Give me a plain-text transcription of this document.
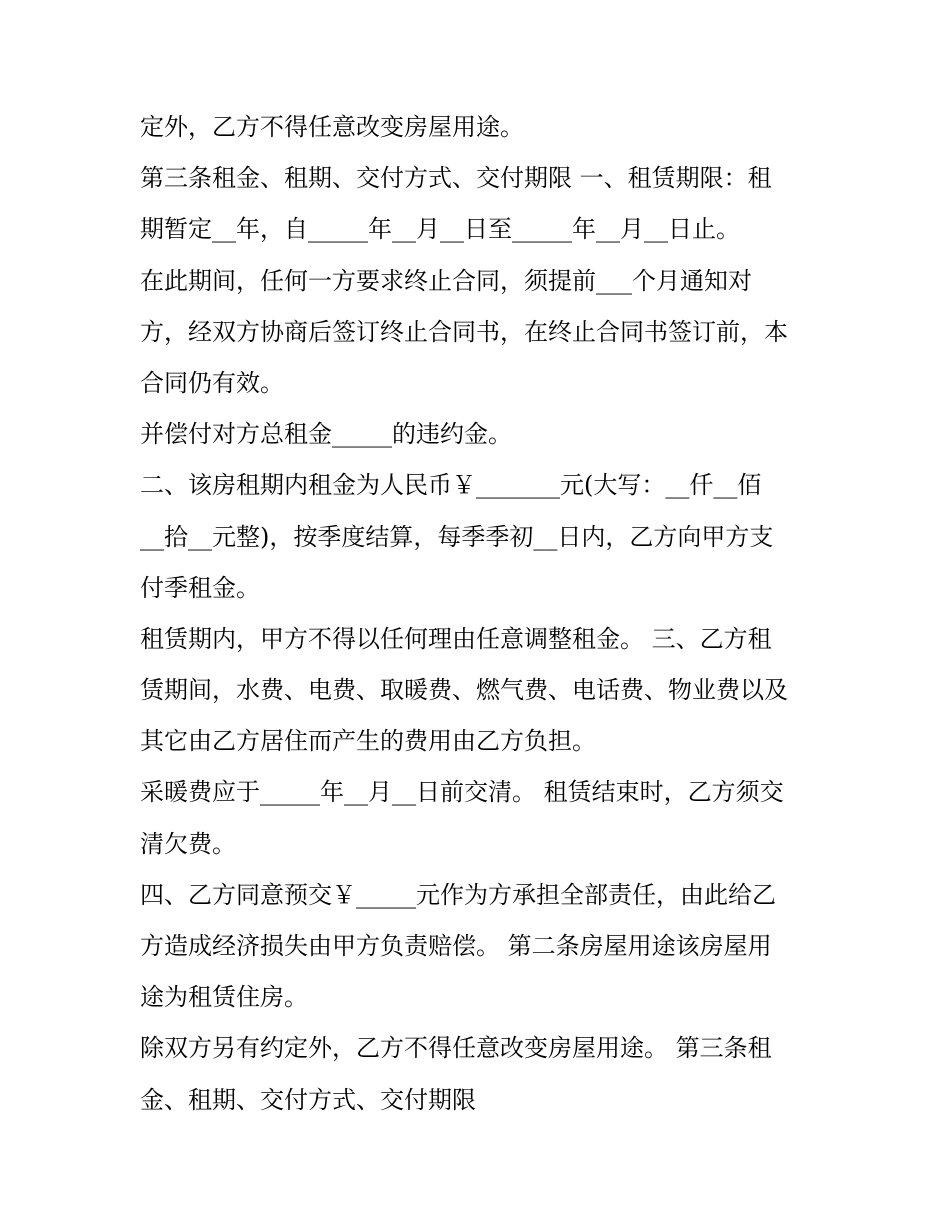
定外，乙方不得任意改变房屋用途。
第三条租金、租期、交付方式、交付期限 一、租赁期限：租
期暂定__年，自_____年__月__日至_____年__月__日止。
在此期间，任何一方要求终止合同，须提前___个月通知对
方，经双方协商后签订终止合同书，在终止合同书签订前，本
合同仍有效。
并偿付对方总租金_____的违约金。
二、该房租期内租金为人民币￥_______元(大写：__仟__佰
__拾__元整)，按季度结算，每季季初__日内，乙方向甲方支
付季租金。
租赁期内，甲方不得以任何理由任意调整租金。 三、乙方租
赁期间，水费、电费、取暖费、燃气费、电话费、物业费以及
其它由乙方居住而产生的费用由乙方负担。
采暖费应于_____年__月__日前交清。 租赁结束时，乙方须交
清欠费。
四、乙方同意预交￥_____元作为方承担全部责任，由此给乙
方造成经济损失由甲方负责赔偿。 第二条房屋用途该房屋用
途为租赁住房。
除双方另有约定外，乙方不得任意改变房屋用途。 第三条租
金、租期、交付方式、交付期限
